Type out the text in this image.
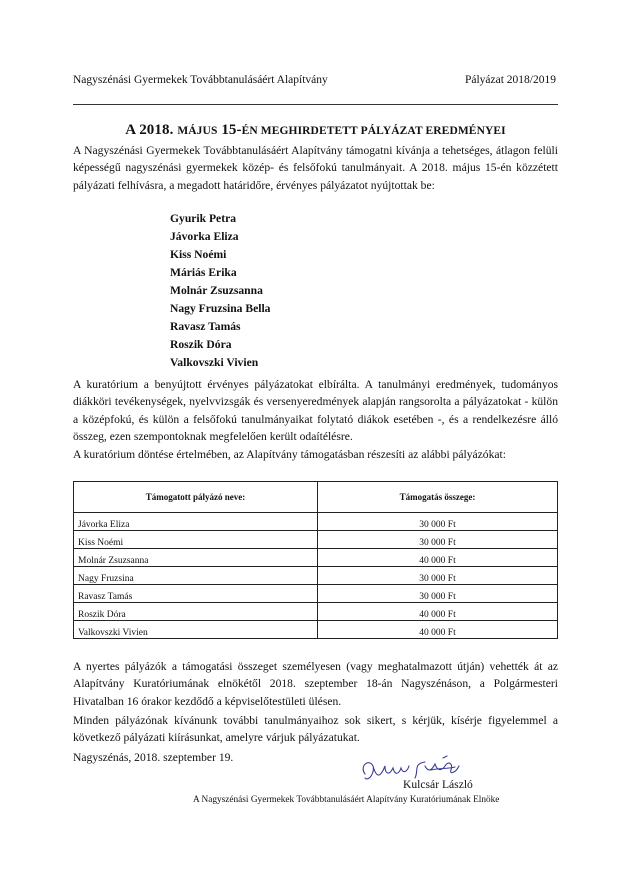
Nagyszénási Gyermekek Továbbtanulásáért Alapítvány	Pályázat 2018/2019
A 2018. MÁJUS 15-ÉN MEGHIRDETETT PÁLYÁZAT EREDMÉNYEI

A Nagyszénási Gyermekek Továbbtanulásáért Alapítvány támogatni kívánja a tehetséges, átlagon felüli képességű nagyszénási gyermekek közép- és felsőfokú tanulmányait. A 2018. május 15-én közzétett pályázati felhívásra, a megadott határidőre, érvényes pályázatot nyújtottak be:

Gyurik Petra
Jávorka Eliza
Kiss Noémi
Máriás Erika
Molnár Zsuzsanna
Nagy Fruzsina Bella
Ravasz Tamás
Roszik Dóra
Valkovszki Vivien

A kuratórium a benyújtott érvényes pályázatokat elbírálta. A tanulmányi eredmények, tudományos diákköri tevékenységek, nyelvvizsgák és versenyeredmények alapján rangsorolta a pályázatokat - külön a középfokú, és külön a felsőfokú tanulmányaikat folytató diákok esetében -, és a rendelkezésre álló összeg, ezen szempontoknak megfelelően került odaítélésre.

A kuratórium döntése értelmében, az Alapítvány támogatásban részesíti az alábbi pályázókat:

Támogatott pályázó neve:	Támogatás összege:
Jávorka Eliza	30 000 Ft
Kiss Noémi	30 000 Ft
Molnár Zsuzsanna	40 000 Ft
Nagy Fruzsina	30 000 Ft
Ravasz Tamás	30 000 Ft
Roszik Dóra	40 000 Ft
Valkovszki Vivien	40 000 Ft

A nyertes pályázók a támogatási összeget személyesen (vagy meghatalmazott útján) vehették át az Alapítvány Kuratóriumának elnökétől 2018. szeptember 18-án Nagyszénáson, a Polgármesteri Hivatalban 16 órakor kezdődő a képviselőtestületi ülésen.

Minden pályázónak kívánunk további tanulmányaihoz sok sikert, s kérjük, kísérje figyelemmel a következő pályázati kiírásunkat, amelyre várjuk pályázatukat.

Nagyszénás, 2018. szeptember 19.

Kulcsár László
A Nagyszénási Gyermekek Továbbtanulásáért Alapítvány Kuratóriumának Elnöke
